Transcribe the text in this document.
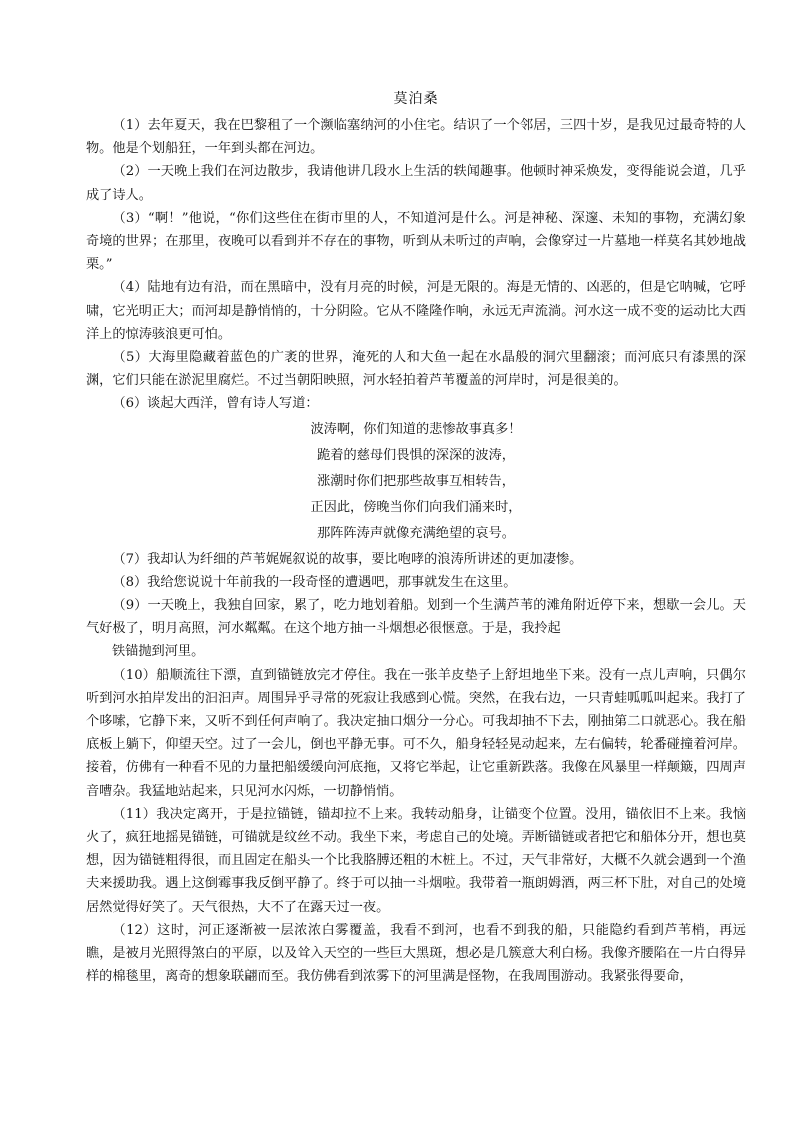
莫泊桑

（1）去年夏天，我在巴黎租了一个濒临塞纳河的小住宅。结识了一个邻居，三四十岁，是我见过最奇特的人物。他是个划船狂，一年到头都在河边。

（2）一天晚上我们在河边散步，我请他讲几段水上生活的轶闻趣事。他顿时神采焕发，变得能说会道，几乎成了诗人。

（3）“啊！”他说，“你们这些住在街市里的人，不知道河是什么。河是神秘、深邃、未知的事物，充满幻象奇境的世界；在那里，夜晚可以看到并不存在的事物，听到从未听过的声响，会像穿过一片墓地一样莫名其妙地战栗。”

（4）陆地有边有沿，而在黑暗中，没有月亮的时候，河是无限的。海是无情的、凶恶的，但是它呐喊，它呼啸，它光明正大；而河却是静悄悄的，十分阴险。它从不隆隆作响，永远无声流淌。河水这一成不变的运动比大西洋上的惊涛骇浪更可怕。

（5）大海里隐藏着蓝色的广袤的世界，淹死的人和大鱼一起在水晶般的洞穴里翻滚；而河底只有漆黑的深渊，它们只能在淤泥里腐烂。不过当朝阳映照，河水轻拍着芦苇覆盖的河岸时，河是很美的。

（6）谈起大西洋，曾有诗人写道：

波涛啊，你们知道的悲惨故事真多！

跪着的慈母们畏惧的深深的波涛，

涨潮时你们把那些故事互相转告，

正因此，傍晚当你们向我们涌来时，

那阵阵涛声就像充满绝望的哀号。

（7）我却认为纤细的芦苇娓娓叙说的故事，要比咆哮的浪涛所讲述的更加凄惨。

（8）我给您说说十年前我的一段奇怪的遭遇吧，那事就发生在这里。

（9）一天晚上，我独自回家，累了，吃力地划着船。划到一个生满芦苇的滩角附近停下来，想歇一会儿。天气好极了，明月高照，河水粼粼。在这个地方抽一斗烟想必很惬意。于是，我拎起

铁锚抛到河里。

（10）船顺流往下漂，直到锚链放完才停住。我在一张羊皮垫子上舒坦地坐下来。没有一点儿声响，只偶尔听到河水拍岸发出的汩汩声。周围异乎寻常的死寂让我感到心慌。突然，在我右边，一只青蛙呱呱叫起来。我打了个哆嗦，它静下来，又听不到任何声响了。我决定抽口烟分一分心。可我却抽不下去，刚抽第二口就恶心。我在船底板上躺下，仰望天空。过了一会儿，倒也平静无事。可不久，船身轻轻晃动起来，左右偏转，轮番碰撞着河岸。接着，仿佛有一种看不见的力量把船缓缓向河底拖，又将它举起，让它重新跌落。我像在风暴里一样颠簸，四周声音嘈杂。我猛地站起来，只见河水闪烁，一切静悄悄。

（11）我决定离开，于是拉锚链，锚却拉不上来。我转动船身，让锚变个位置。没用，锚依旧不上来。我恼火了，疯狂地摇晃锚链，可锚就是纹丝不动。我坐下来，考虑自己的处境。弄断锚链或者把它和船体分开，想也莫想，因为锚链粗得很，而且固定在船头一个比我胳膊还粗的木桩上。不过，天气非常好，大概不久就会遇到一个渔夫来援助我。遇上这倒霉事我反倒平静了。终于可以抽一斗烟啦。我带着一瓶朗姆酒，两三杯下肚，对自己的处境居然觉得好笑了。天气很热，大不了在露天过一夜。

（12）这时，河正逐渐被一层浓浓白雾覆盖，我看不到河，也看不到我的船，只能隐约看到芦苇梢，再远瞧，是被月光照得煞白的平原，以及耸入天空的一些巨大黑斑，想必是几簇意大利白杨。我像齐腰陷在一片白得异样的棉毯里，离奇的想象联翩而至。我仿佛看到浓雾下的河里满是怪物，在我周围游动。我紧张得要命，
